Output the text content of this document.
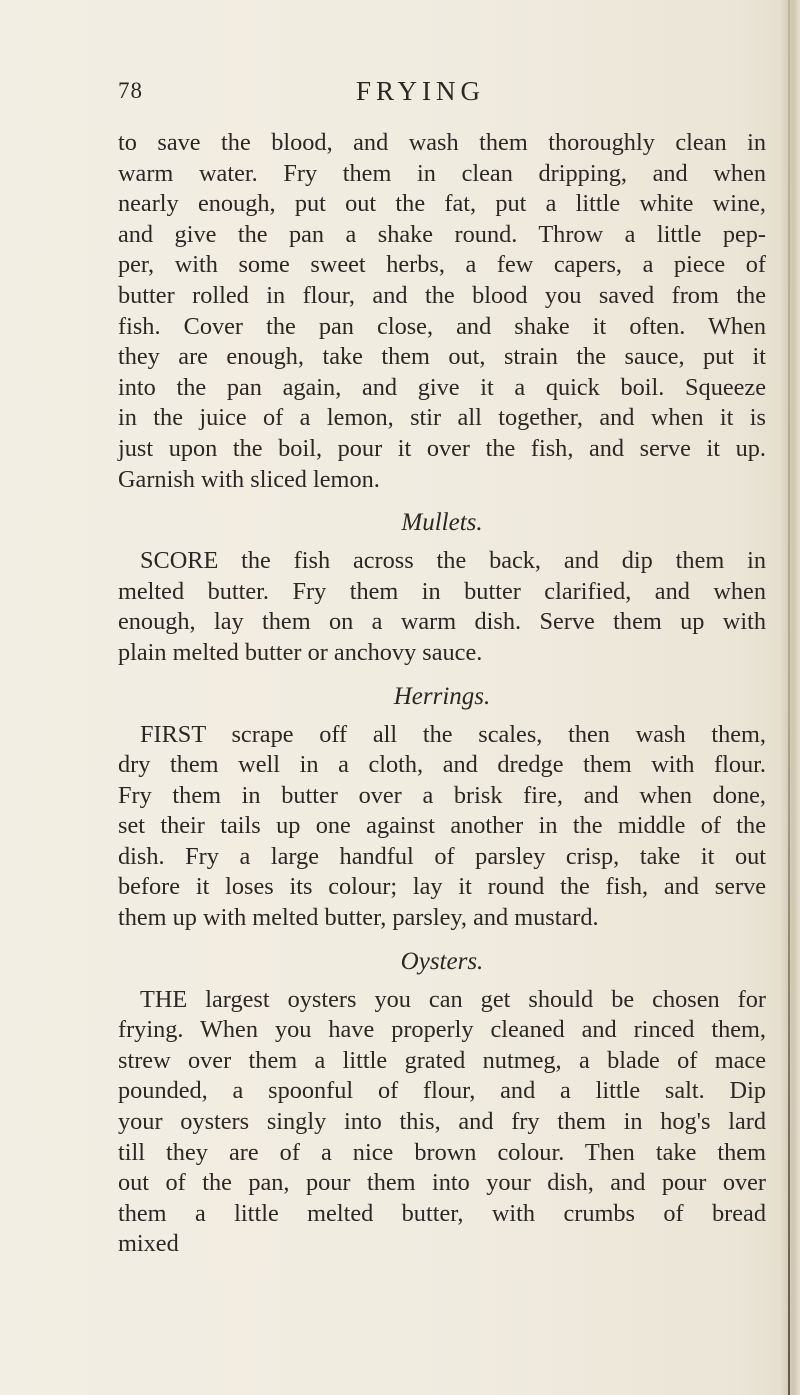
78	FRYING
to save the blood, and wash them thoroughly clean in
warm water. Fry them in clean dripping, and when
nearly enough, put out the fat, put a little white wine,
and give the pan a shake round. Throw a little pep-
per, with some sweet herbs, a few capers, a piece of
butter rolled in flour, and the blood you saved from the
fish. Cover the pan close, and shake it often. When
they are enough, take them out, strain the sauce, put it
into the pan again, and give it a quick boil. Squeeze
in the juice of a lemon, stir all together, and when it is
just upon the boil, pour it over the fish, and serve it up.
Garnish with sliced lemon.
Mullets.
SCORE the fish across the back, and dip them in
melted butter. Fry them in butter clarified, and when
enough, lay them on a warm dish. Serve them up with
plain melted butter or anchovy sauce.
Herrings.
FIRST scrape off all the scales, then wash them,
dry them well in a cloth, and dredge them with flour.
Fry them in butter over a brisk fire, and when done,
set their tails up one against another in the middle of the
dish. Fry a large handful of parsley crisp, take it out
before it loses its colour; lay it round the fish, and serve
them up with melted butter, parsley, and mustard.
Oysters.
THE largest oysters you can get should be chosen for
frying. When you have properly cleaned and rinced them,
strew over them a little grated nutmeg, a blade of mace
pounded, a spoonful of flour, and a little salt. Dip
your oysters singly into this, and fry them in hog's lard
till they are of a nice brown colour. Then take them
out of the pan, pour them into your dish, and pour over
them a little melted butter, with crumbs of bread
mixed
